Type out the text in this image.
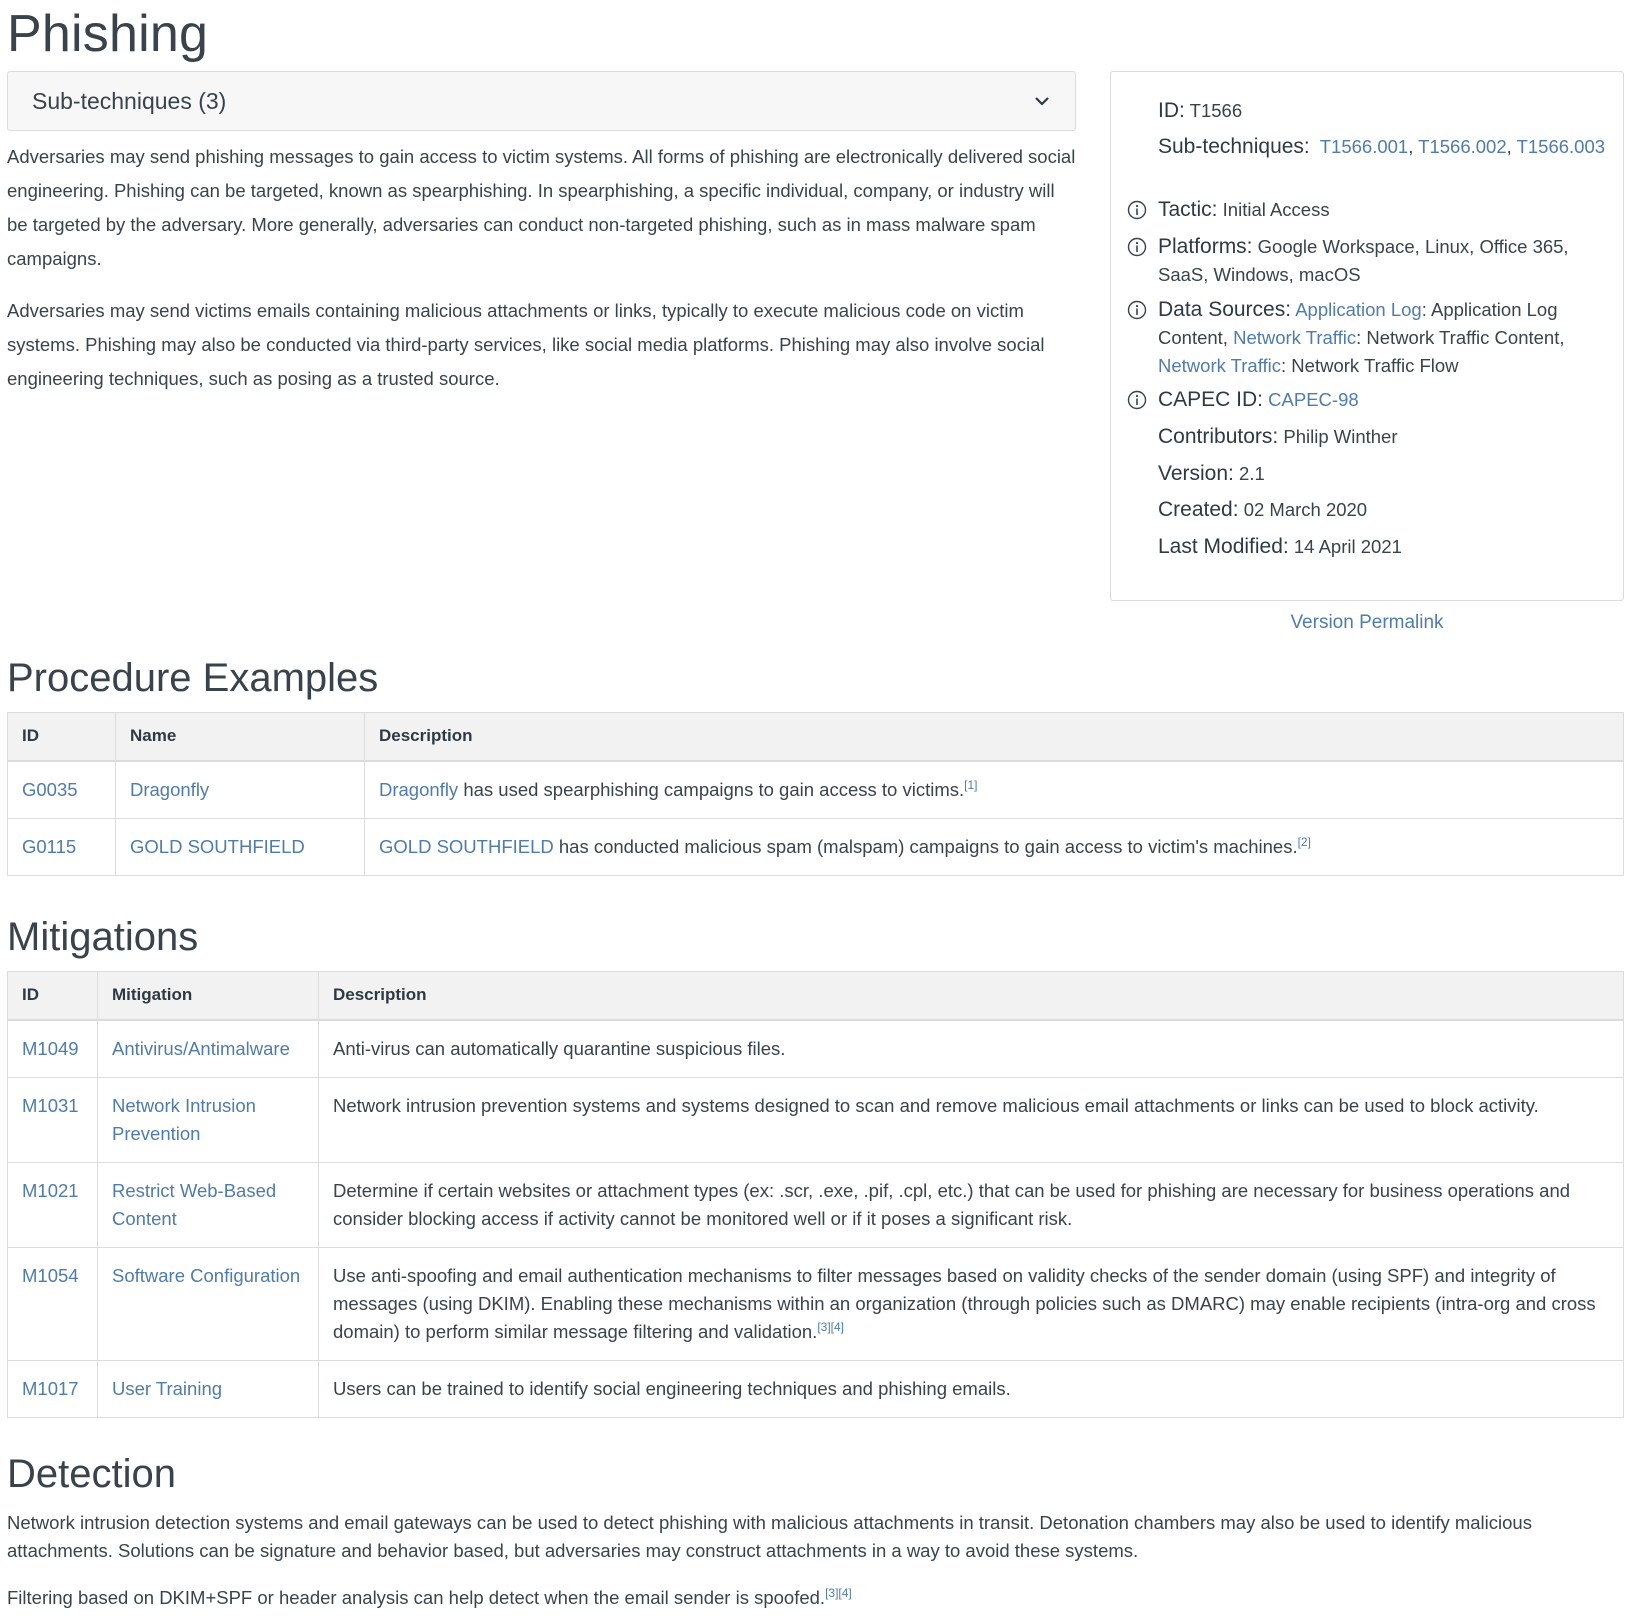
Phishing
Sub-techniques (3)

Adversaries may send phishing messages to gain access to victim systems. All forms of phishing are electronically delivered social engineering. Phishing can be targeted, known as spearphishing. In spearphishing, a specific individual, company, or industry will be targeted by the adversary. More generally, adversaries can conduct non-targeted phishing, such as in mass malware spam campaigns.

Adversaries may send victims emails containing malicious attachments or links, typically to execute malicious code on victim systems. Phishing may also be conducted via third-party services, like social media platforms. Phishing may also involve social engineering techniques, such as posing as a trusted source.

ID: T1566
Sub-techniques: T1566.001, T1566.002, T1566.003
Tactic: Initial Access
Platforms: Google Workspace, Linux, Office 365, SaaS, Windows, macOS
Data Sources: Application Log: Application Log Content, Network Traffic: Network Traffic Content, Network Traffic: Network Traffic Flow
CAPEC ID: CAPEC-98
Contributors: Philip Winther
Version: 2.1
Created: 02 March 2020
Last Modified: 14 April 2021
Version Permalink
Procedure Examples
ID	Name	Description
G0035	Dragonfly	Dragonfly has used spearphishing campaigns to gain access to victims.[1]
G0115	GOLD SOUTHFIELD	GOLD SOUTHFIELD has conducted malicious spam (malspam) campaigns to gain access to victim's machines.[2]
Mitigations
ID	Mitigation	Description
M1049	Antivirus/Antimalware	Anti-virus can automatically quarantine suspicious files.
M1031	Network Intrusion Prevention	Network intrusion prevention systems and systems designed to scan and remove malicious email attachments or links can be used to block activity.
M1021	Restrict Web-Based Content	Determine if certain websites or attachment types (ex: .scr, .exe, .pif, .cpl, etc.) that can be used for phishing are necessary for business operations and consider blocking access if activity cannot be monitored well or if it poses a significant risk.
M1054	Software Configuration	Use anti-spoofing and email authentication mechanisms to filter messages based on validity checks of the sender domain (using SPF) and integrity of messages (using DKIM). Enabling these mechanisms within an organization (through policies such as DMARC) may enable recipients (intra-org and cross domain) to perform similar message filtering and validation.[3][4]
M1017	User Training	Users can be trained to identify social engineering techniques and phishing emails.
Detection
Network intrusion detection systems and email gateways can be used to detect phishing with malicious attachments in transit. Detonation chambers may also be used to identify malicious attachments. Solutions can be signature and behavior based, but adversaries may construct attachments in a way to avoid these systems.
Filtering based on DKIM+SPF or header analysis can help detect when the email sender is spoofed.[3][4]
